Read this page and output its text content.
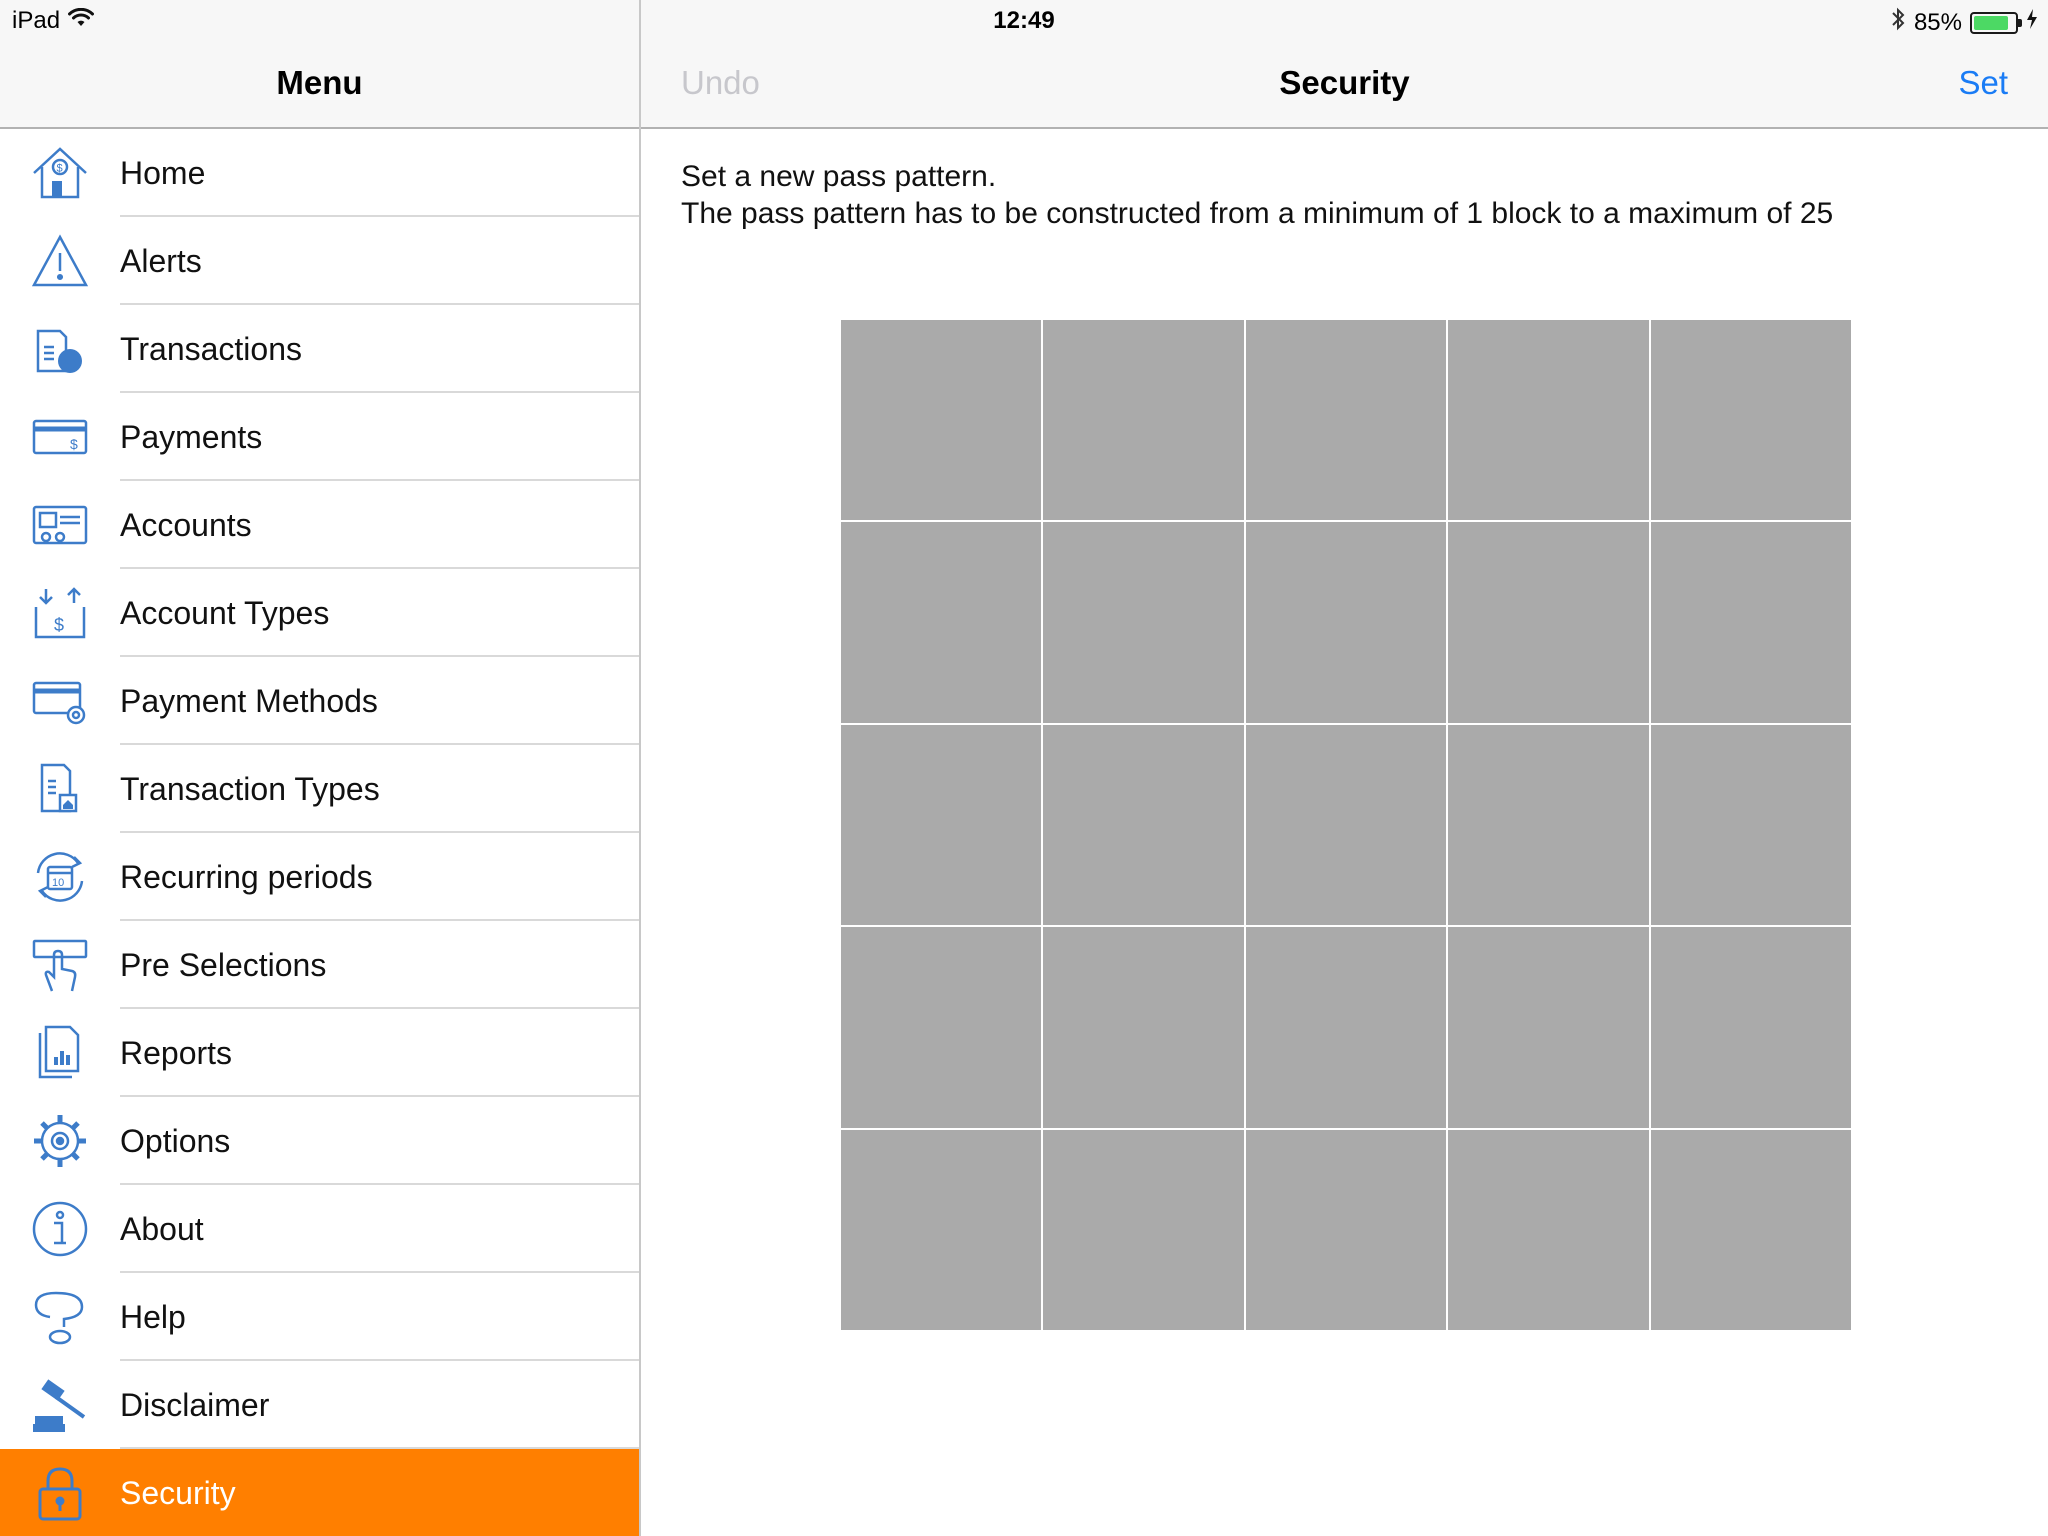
iPad	12:49	85%
Menu
$ Home
Alerts
$ Transactions
$ Payments
Accounts
$ Account Types
Payment Methods
Transaction Types
10 Recurring periods
Pre Selections
Reports
Options
About
Help
Disclaimer
Security
Undo	Security	Set
Set a new pass pattern.
The pass pattern has to be constructed from a minimum of 1 block to a maximum of 25
